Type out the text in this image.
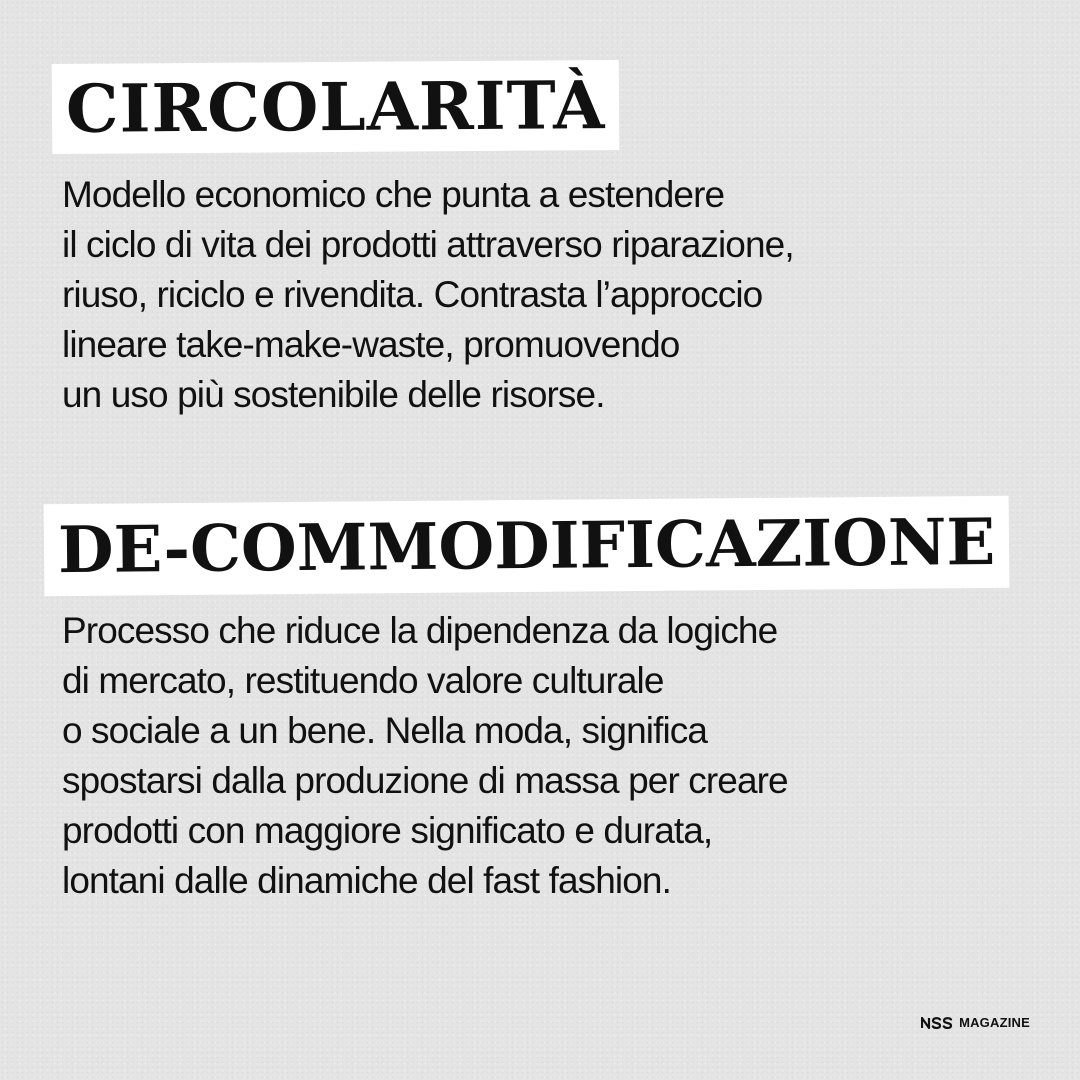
CIRCOLARITÀ

Modello economico che punta a estendere
il ciclo di vita dei prodotti attraverso riparazione,
riuso, riciclo e rivendita. Contrasta l’approccio
lineare take-make-waste, promuovendo
un uso più sostenibile delle risorse.

DE-COMMODIFICAZIONE

Processo che riduce la dipendenza da logiche
di mercato, restituendo valore culturale
o sociale a un bene. Nella moda, significa
spostarsi dalla produzione di massa per creare
prodotti con maggiore significato e durata,
lontani dalle dinamiche del fast fashion.

MAGAZINE
